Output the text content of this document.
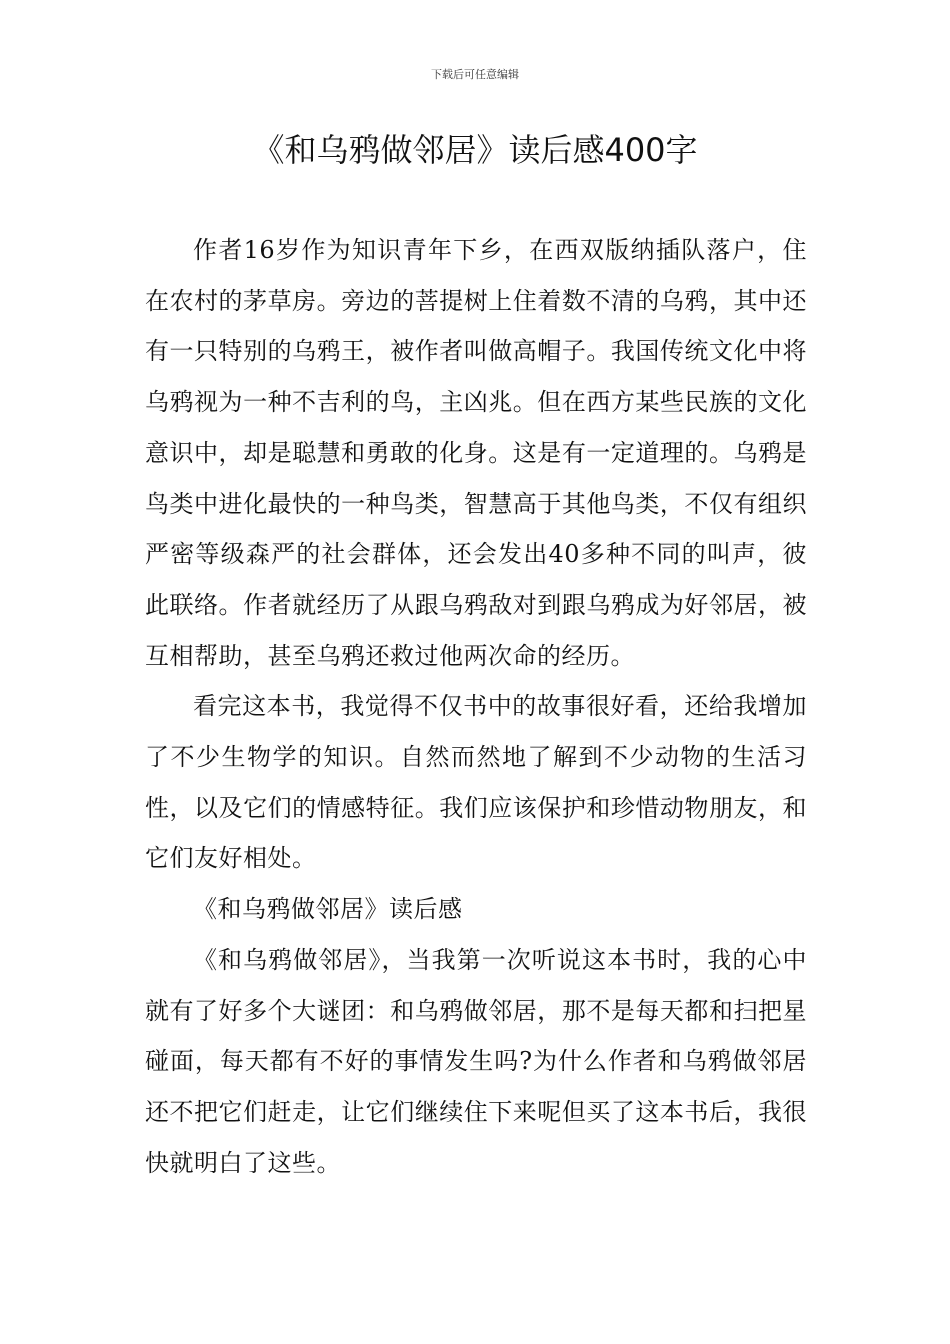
下载后可任意编辑
《和乌鸦做邻居》读后感400字

作者16岁作为知识青年下乡，在西双版纳插队落户，住在农村的茅草房。旁边的菩提树上住着数不清的乌鸦，其中还有一只特别的乌鸦王，被作者叫做高帽子。我国传统文化中将乌鸦视为一种不吉利的鸟，主凶兆。但在西方某些民族的文化意识中，却是聪慧和勇敢的化身。这是有一定道理的。乌鸦是鸟类中进化最快的一种鸟类，智慧高于其他鸟类，不仅有组织严密等级森严的社会群体，还会发出40多种不同的叫声，彼此联络。作者就经历了从跟乌鸦敌对到跟乌鸦成为好邻居，被互相帮助，甚至乌鸦还救过他两次命的经历。

看完这本书，我觉得不仅书中的故事很好看，还给我增加了不少生物学的知识。自然而然地了解到不少动物的生活习性，以及它们的情感特征。我们应该保护和珍惜动物朋友，和它们友好相处。

《和乌鸦做邻居》读后感

《和乌鸦做邻居》，当我第一次听说这本书时，我的心中就有了好多个大谜团：和乌鸦做邻居，那不是每天都和扫把星碰面，每天都有不好的事情发生吗?为什么作者和乌鸦做邻居还不把它们赶走，让它们继续住下来呢但买了这本书后，我很快就明白了这些。
